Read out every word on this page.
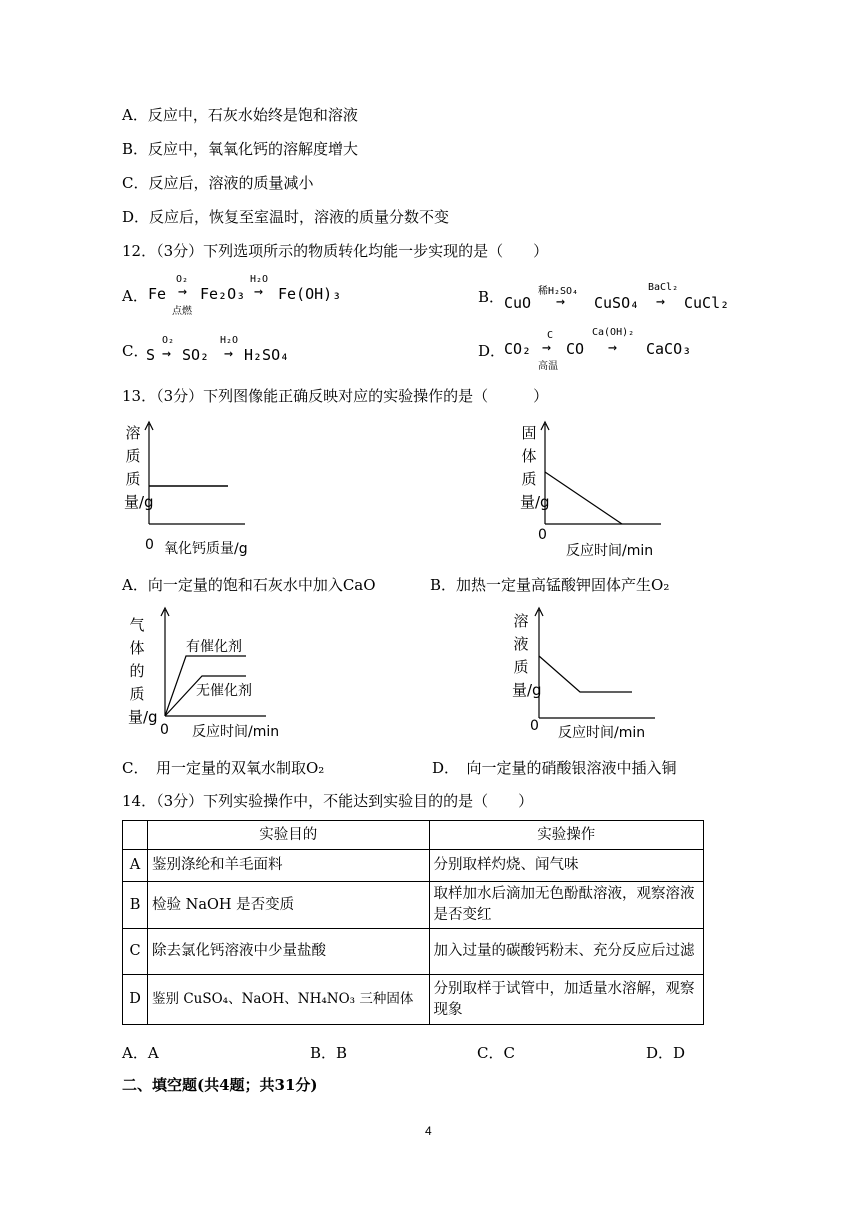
A．反应中，石灰水始终是饱和溶液
B．反应中，氧氧化钙的溶解度增大
C．反应后，溶液的质量减小
D．反应后，恢复至室温时，溶液的质量分数不变
12．（3分）下列选项所示的物质转化均能一步实现的是（　　）
A． Fe
O₂
→
点燃
Fe₂O₃
H₂O
→ Fe(OH)₃	B． CuO
稀H₂SO₄
→ CuSO₄
BaCl₂
→ CuCl₂
C．
S
O₂
→ SO₂
H₂O
→ H₂SO₄	D．
CO₂
C
→
高温
CO
Ca(OH)₂
→ CaCO₃
13．（3分）下列图像能正确反映对应的实验操作的是（　　　）
溶质质量/g
0 氧化钙质量/g
A．向一定量的饱和石灰水中加入CaO
固体质量/g
0
反应时间/min
B．加热一定量高锰酸钾固体产生O₂
气体的质量/g
有催化剂
无催化剂
0 反应时间/min
C．　用一定量的双氧水制取O₂
溶液质量/g
0 反应时间/min
D．　向一定量的硝酸银溶液中插入铜
14．（3分）下列实验操作中，不能达到实验目的的是（　　）
	实验目的	实验操作
A	鉴别涤纶和羊毛面料	分别取样灼烧、闻气味
B	检验 NaOH 是否变质	取样加水后滴加无色酚酞溶液，观察溶液是否变红
C	除去氯化钙溶液中少量盐酸	加入过量的碳酸钙粉末、充分反应后过滤
D	鉴别 CuSO₄、NaOH、NH₄NO₃ 三种固体	分别取样于试管中，加适量水溶解，观察现象
A．A	B．B	C．C	D．D
二、填空题(共4题；共31分)
4
